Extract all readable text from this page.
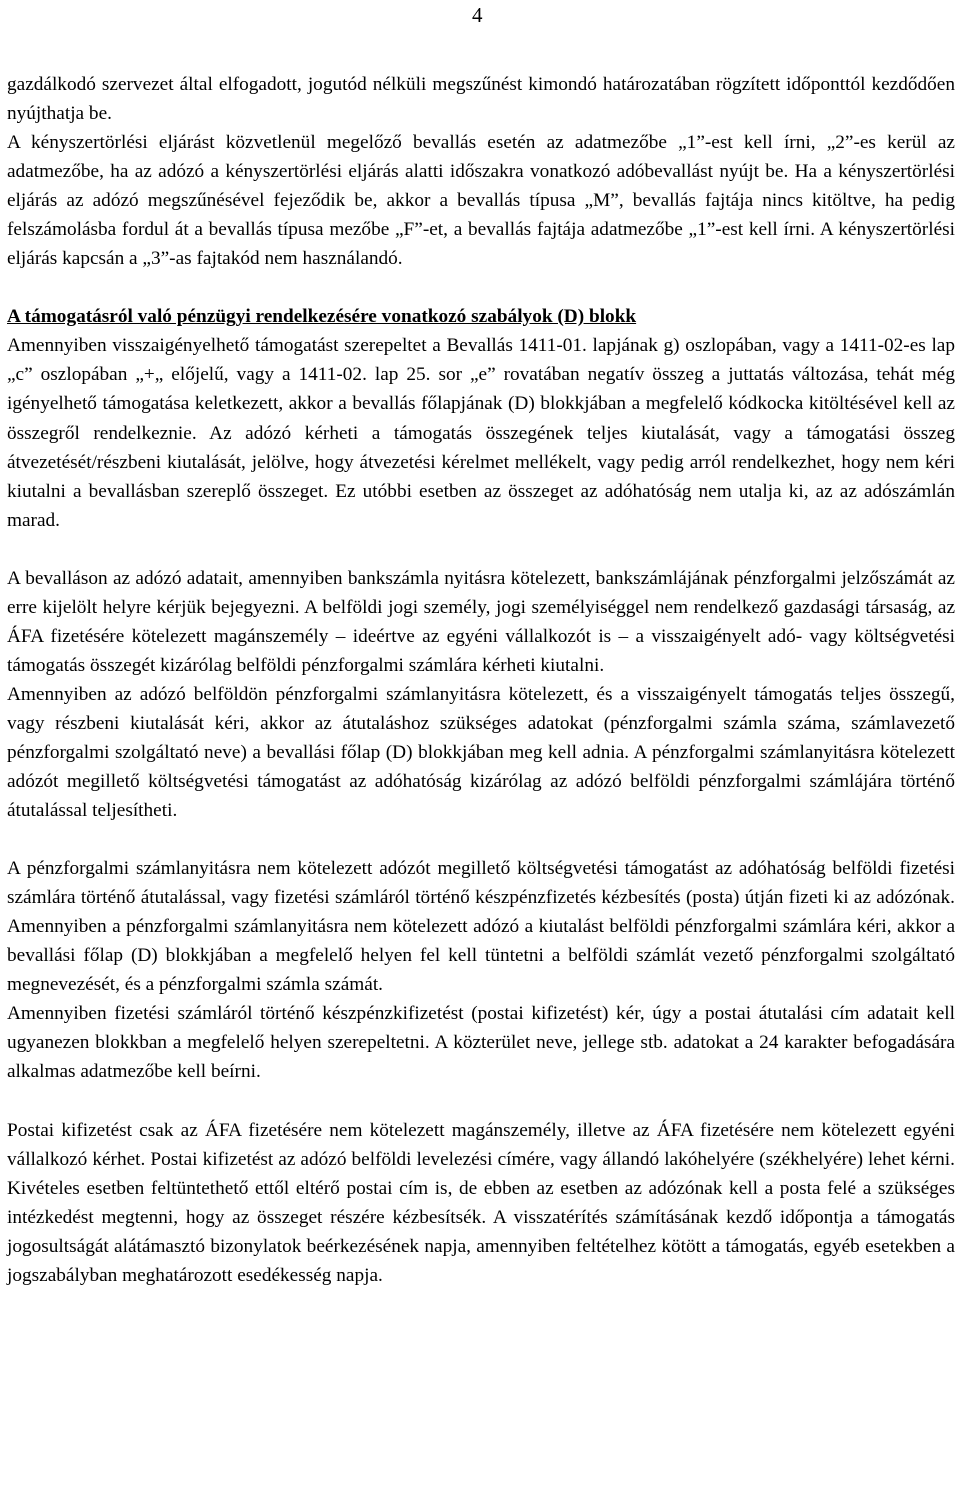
4

gazdálkodó szervezet által elfogadott, jogutód nélküli megszűnést kimondó határozatában rögzített időponttól kezdődően nyújthatja be.

A kényszertörlési eljárást közvetlenül megelőző bevallás esetén az adatmezőbe „1”-est kell írni, „2”-es kerül az adatmezőbe, ha az adózó a kényszertörlési eljárás alatti időszakra vonatkozó adóbevallást nyújt be. Ha a kényszertörlési eljárás az adózó megszűnésével fejeződik be, akkor a bevallás típusa „M”, bevallás fajtája nincs kitöltve, ha pedig felszámolásba fordul át a bevallás típusa mezőbe „F”-et, a bevallás fajtája adatmezőbe „1”-est kell írni. A kényszertörlési eljárás kapcsán a „3”-as fajtakód nem használandó.

A támogatásról való pénzügyi rendelkezésére vonatkozó szabályok (D) blokk

Amennyiben visszaigényelhető támogatást szerepeltet a Bevallás 1411-01. lapjának g) oszlopában, vagy a 1411-02-es lap „c” oszlopában „+„ előjelű, vagy a 1411-02. lap 25. sor „e” rovatában negatív összeg a juttatás változása, tehát még igényelhető támogatása keletkezett, akkor a bevallás főlapjának (D) blokkjában a megfelelő kódkocka kitöltésével kell az összegről rendelkeznie. Az adózó kérheti a támogatás összegének teljes kiutalását, vagy a támogatási összeg átvezetését/részbeni kiutalását, jelölve, hogy átvezetési kérelmet mellékelt, vagy pedig arról rendelkezhet, hogy nem kéri kiutalni a bevallásban szereplő összeget. Ez utóbbi esetben az összeget az adóhatóság nem utalja ki, az az adószámlán marad.

A bevalláson az adózó adatait, amennyiben bankszámla nyitásra kötelezett, bankszámlájának pénzforgalmi jelzőszámát az erre kijelölt helyre kérjük bejegyezni. A belföldi jogi személy, jogi személyiséggel nem rendelkező gazdasági társaság, az ÁFA fizetésére kötelezett magánszemély – ideértve az egyéni vállalkozót is – a visszaigényelt adó- vagy költségvetési támogatás összegét kizárólag belföldi pénzforgalmi számlára kérheti kiutalni.

Amennyiben az adózó belföldön pénzforgalmi számlanyitásra kötelezett, és a visszaigényelt támogatás teljes összegű, vagy részbeni kiutalását kéri, akkor az átutaláshoz szükséges adatokat (pénzforgalmi számla száma, számlavezető pénzforgalmi szolgáltató neve) a bevallási főlap (D) blokkjában meg kell adnia. A pénzforgalmi számlanyitásra kötelezett adózót megillető költségvetési támogatást az adóhatóság kizárólag az adózó belföldi pénzforgalmi számlájára történő átutalással teljesítheti.

A pénzforgalmi számlanyitásra nem kötelezett adózót megillető költségvetési támogatást az adóhatóság belföldi fizetési számlára történő átutalással, vagy fizetési számláról történő készpénzfizetés kézbesítés (posta) útján fizeti ki az adózónak. Amennyiben a pénzforgalmi számlanyitásra nem kötelezett adózó a kiutalást belföldi pénzforgalmi számlára kéri, akkor a bevallási főlap (D) blokkjában a megfelelő helyen fel kell tüntetni a belföldi számlát vezető pénzforgalmi szolgáltató megnevezését, és a pénzforgalmi számla számát.

Amennyiben fizetési számláról történő készpénzkifizetést (postai kifizetést) kér, úgy a postai átutalási cím adatait kell ugyanezen blokkban a megfelelő helyen szerepeltetni. A közterület neve, jellege stb. adatokat a 24 karakter befogadására alkalmas adatmezőbe kell beírni.

Postai kifizetést csak az ÁFA fizetésére nem kötelezett magánszemély, illetve az ÁFA fizetésére nem kötelezett egyéni vállalkozó kérhet. Postai kifizetést az adózó belföldi levelezési címére, vagy állandó lakóhelyére (székhelyére) lehet kérni. Kivételes esetben feltüntethető ettől eltérő postai cím is, de ebben az esetben az adózónak kell a posta felé a szükséges intézkedést megtenni, hogy az összeget részére kézbesítsék. A visszatérítés számításának kezdő időpontja a támogatás jogosultságát alátámasztó bizonylatok beérkezésének napja, amennyiben feltételhez kötött a támogatás, egyéb esetekben a jogszabályban meghatározott esedékesség napja.
